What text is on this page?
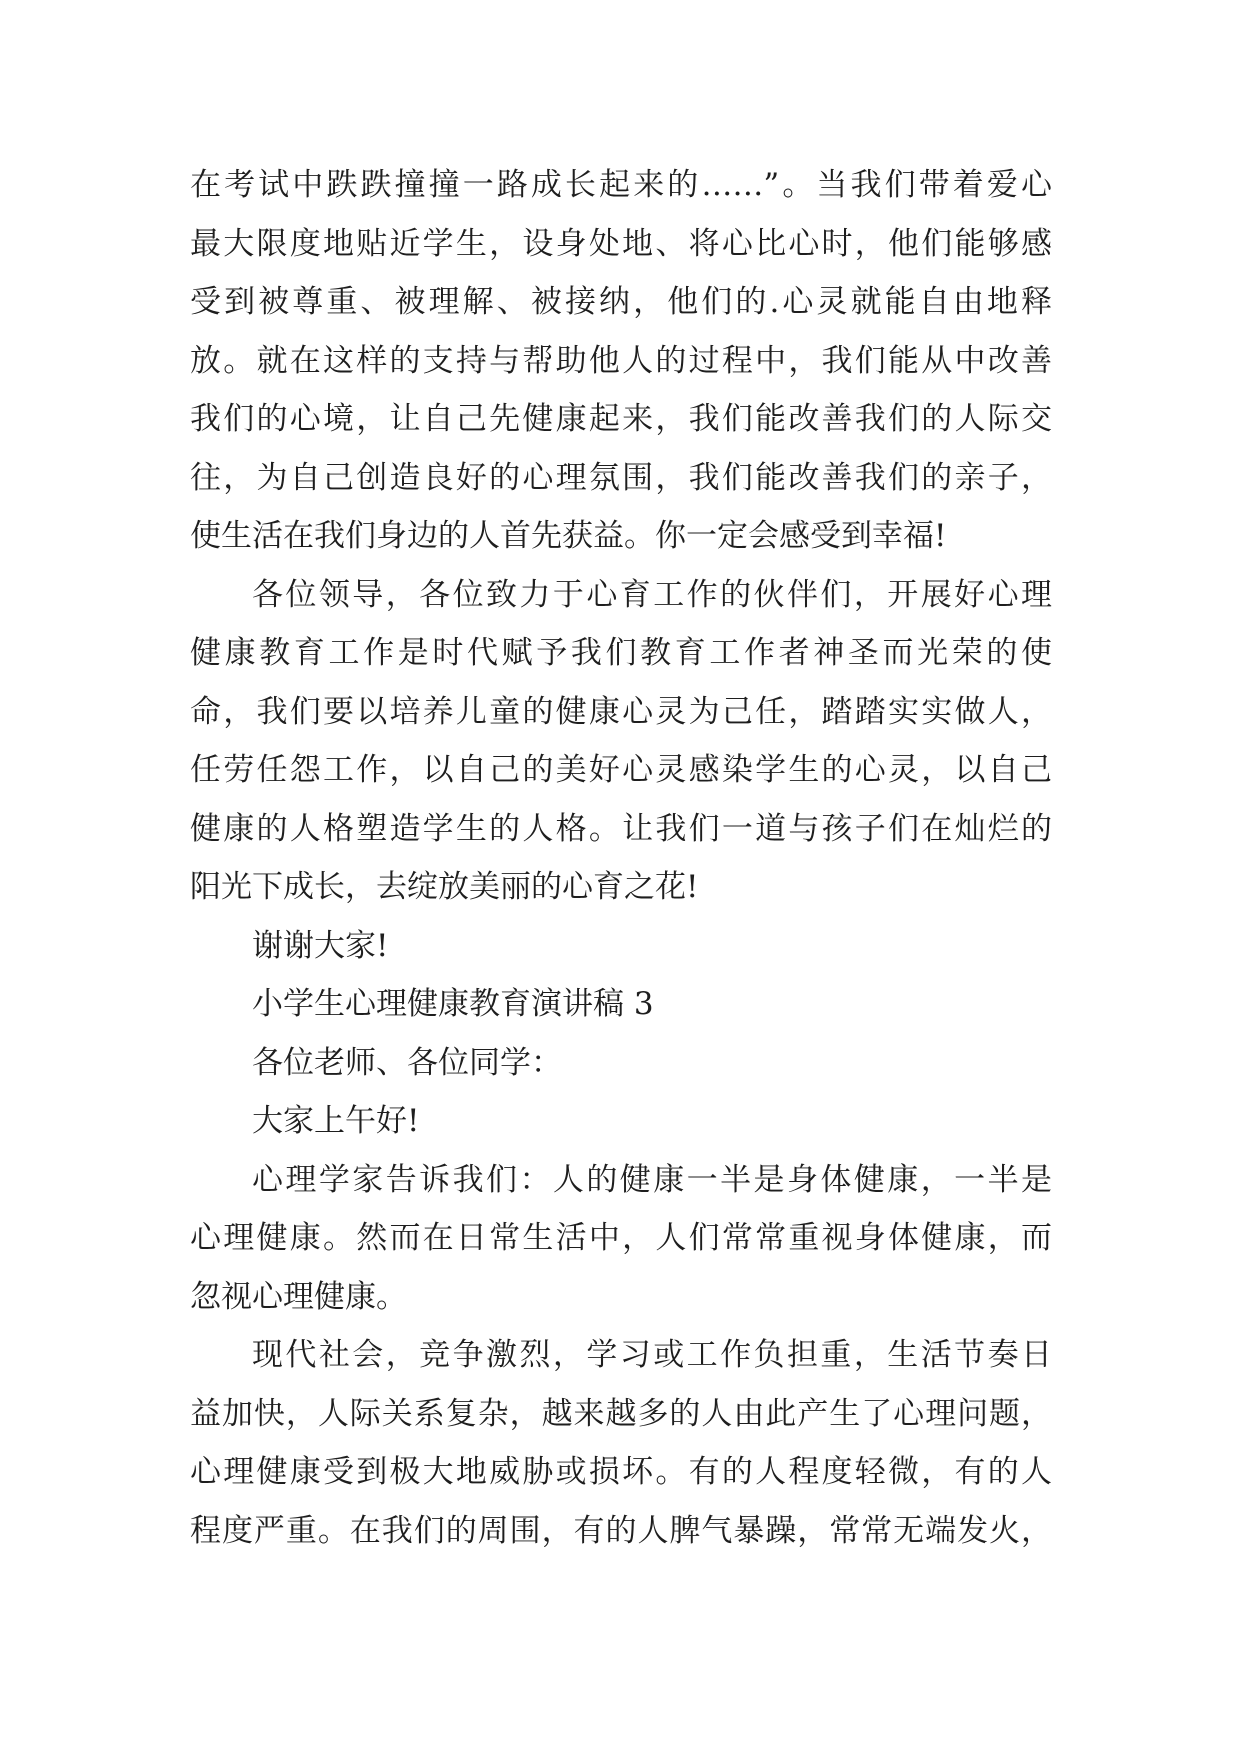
在考试中跌跌撞撞一路成长起来的……”。当我们带着爱心
最大限度地贴近学生，设身处地、将心比心时，他们能够感
受到被尊重、被理解、被接纳，他们的.心灵就能自由地释
放。就在这样的支持与帮助他人的过程中，我们能从中改善
我们的心境，让自己先健康起来，我们能改善我们的人际交
往，为自己创造良好的心理氛围，我们能改善我们的亲子，
使生活在我们身边的人首先获益。你一定会感受到幸福!
各位领导，各位致力于心育工作的伙伴们，开展好心理
健康教育工作是时代赋予我们教育工作者神圣而光荣的使
命，我们要以培养儿童的健康心灵为己任，踏踏实实做人，
任劳任怨工作，以自己的美好心灵感染学生的心灵，以自己
健康的人格塑造学生的人格。让我们一道与孩子们在灿烂的
阳光下成长，去绽放美丽的心育之花!
谢谢大家!
小学生心理健康教育演讲稿 3
各位老师、各位同学：
大家上午好!
心理学家告诉我们：人的健康一半是身体健康，一半是
心理健康。然而在日常生活中，人们常常重视身体健康，而
忽视心理健康。
现代社会，竞争激烈，学习或工作负担重，生活节奏日
益加快，人际关系复杂，越来越多的人由此产生了心理问题，
心理健康受到极大地威胁或损坏。有的人程度轻微，有的人
程度严重。在我们的周围，有的人脾气暴躁，常常无端发火，
